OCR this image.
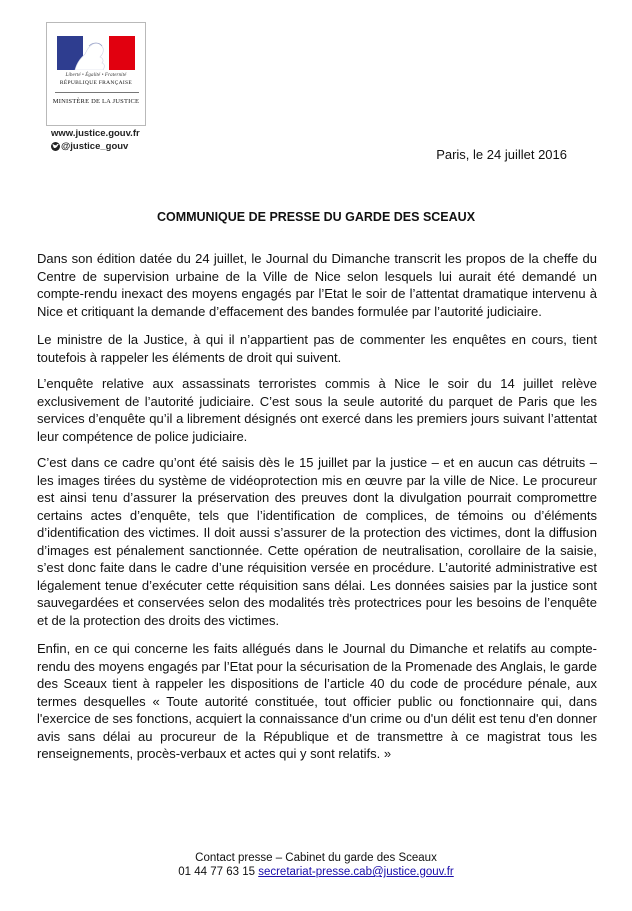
Liberté • Égalité • Fraternité
RÉPUBLIQUE FRANÇAISE
MINISTÈRE DE LA JUSTICE
www.justice.gouv.fr
@justice_gouv
Paris, le 24 juillet 2016
COMMUNIQUE DE PRESSE DU GARDE DES SCEAUX

Dans son édition datée du 24 juillet, le Journal du Dimanche transcrit les propos de la cheffe du Centre de supervision urbaine de la Ville de Nice selon lesquels lui aurait été demandé un compte-rendu inexact des moyens engagés par l’Etat le soir de l’attentat dramatique intervenu à Nice et critiquant la demande d’effacement des bandes formulée par l’autorité judiciaire.

Le ministre de la Justice, à qui il n’appartient pas de commenter les enquêtes en cours, tient toutefois à rappeler les éléments de droit qui suivent.

L’enquête relative aux assassinats terroristes commis à Nice le soir du 14 juillet relève exclusivement de l’autorité judiciaire. C’est sous la seule autorité du parquet de Paris que les services d’enquête qu’il a librement désignés ont exercé dans les premiers jours suivant l’attentat leur compétence de police judiciaire.

C’est dans ce cadre qu’ont été saisis dès le 15 juillet par la justice – et en aucun cas détruits – les images tirées du système de vidéoprotection mis en œuvre par la ville de Nice. Le procureur est ainsi tenu d’assurer la préservation des preuves dont la divulgation pourrait compromettre certains actes d’enquête, tels que l’identification de complices, de témoins ou d’éléments d’identification des victimes. Il doit aussi s’assurer de la protection des victimes, dont la diffusion d’images est pénalement sanctionnée. Cette opération de neutralisation, corollaire de la saisie, s’est donc faite dans le cadre d’une réquisition versée en procédure. L’autorité administrative est légalement tenue d’exécuter cette réquisition sans délai. Les données saisies par la justice sont sauvegardées et conservées selon des modalités très protectrices pour les besoins de l’enquête et de la protection des droits des victimes.

Enfin, en ce qui concerne les faits allégués dans le Journal du Dimanche et relatifs au compte-rendu des moyens engagés par l’Etat pour la sécurisation de la Promenade des Anglais, le garde des Sceaux tient à rappeler les dispositions de l’article 40 du code de procédure pénale, aux termes desquelles « Toute autorité constituée, tout officier public ou fonctionnaire qui, dans l'exercice de ses fonctions, acquiert la connaissance d'un crime ou d'un délit est tenu d'en donner avis sans délai au procureur de la République et de transmettre à ce magistrat tous les renseignements, procès-verbaux et actes qui y sont relatifs. »

Contact presse – Cabinet du garde des Sceaux
01 44 77 63 15 secretariat-presse.cab@justice.gouv.fr
